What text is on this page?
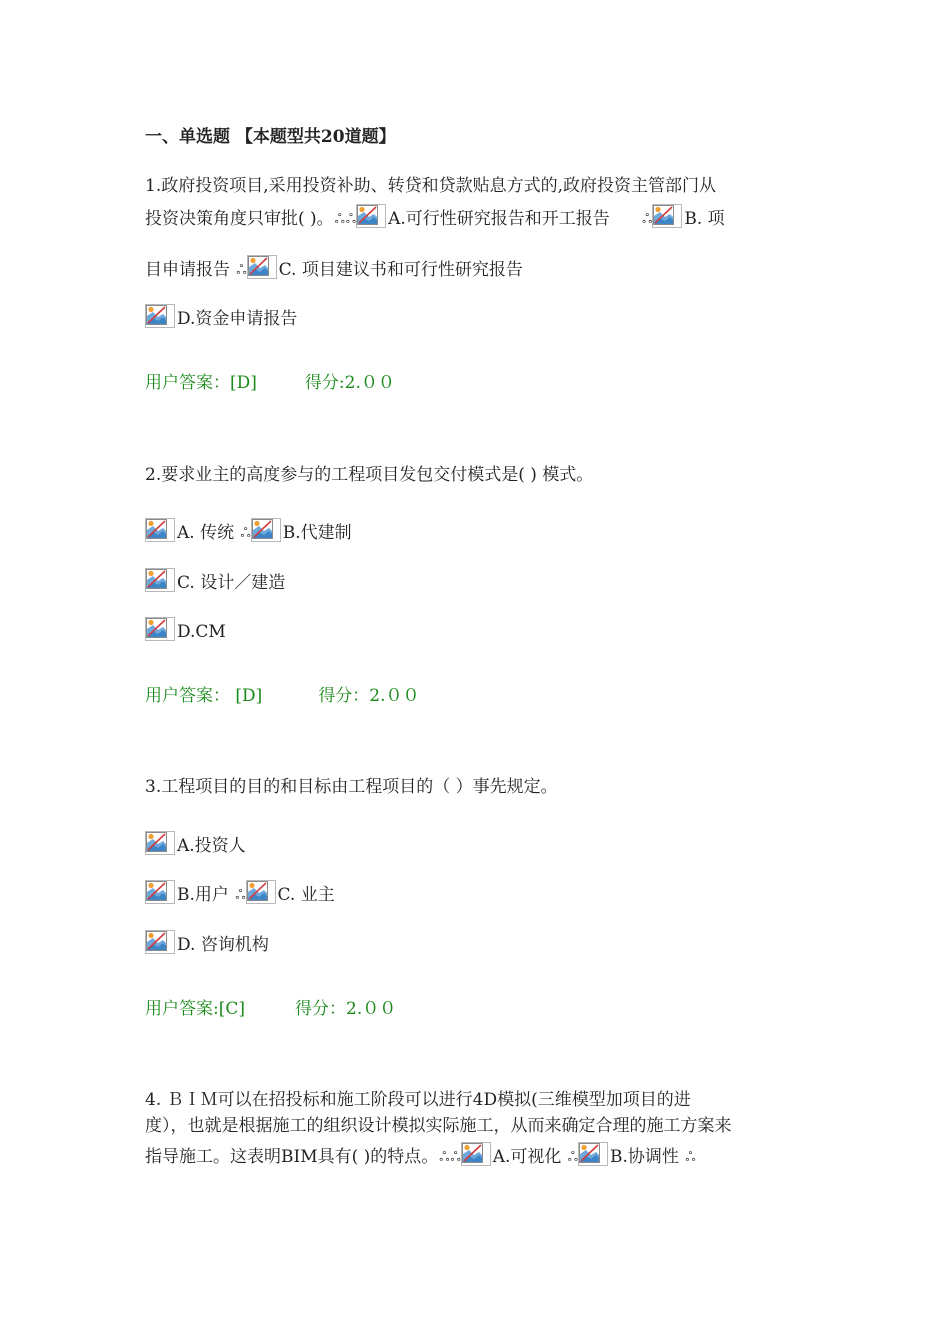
一、单选题 【本题型共20道题】
1.政府投资项目,采用投资补助、转贷和贷款贴息方式的,政府投资主管部门从
投资决策角度只审批( )。ஃ ஃ A.可行性研究报告和开工报告 ஃ B. 项
目申请报告 ஃ C. 项目建议书和可行性研究报告
D.资金申请报告
用户答案：[D]	得分:2.００
2.要求业主的高度参与的工程项目发包交付模式是( ) 模式。
A. 传统 ஃ B.代建制
C. 设计／建造
D.CM
用户答案： [D]	得分：2.００
3.工程项目的目的和目标由工程项目的（ ）事先规定。
A.投资人
B.用户 ஃ C. 业主
D. 咨询机构
用户答案:[C]	得分：2.００
4. ＢＩＭ可以在招投标和施工阶段可以进行4D模拟(三维模型加项目的进
度），也就是根据施工的组织设计模拟实际施工，从而来确定合理的施工方案来
指导施工。这表明BIM具有( )的特点。ஃ ஃ A.可视化 ஃ B.协调性 ஃ
